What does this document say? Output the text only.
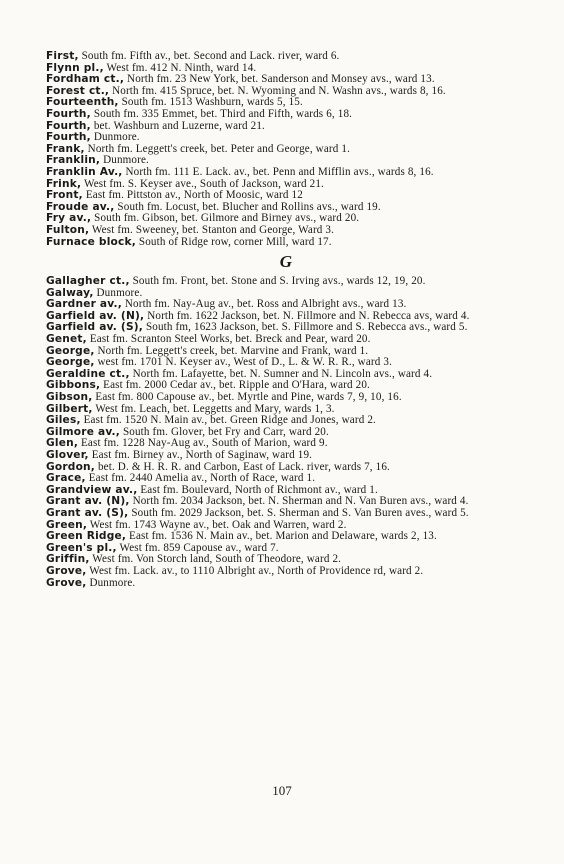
First, South fm. Fifth av., bet. Second and Lack. river, ward 6.

Flynn pl., West fm. 412 N. Ninth, ward 14.

Fordham ct., North fm. 23 New York, bet. Sanderson and Monsey avs., ward 13.

Forest ct., North fm. 415 Spruce, bet. N. Wyoming and N. Washn avs., wards 8, 16.

Fourteenth, South fm. 1513 Washburn, wards 5, 15.

Fourth, South fm. 335 Emmet, bet. Third and Fifth, wards 6, 18.

Fourth, bet. Washburn and Luzerne, ward 21.

Fourth, Dunmore.

Frank, North fm. Leggett's creek, bet. Peter and George, ward 1.

Franklin, Dunmore.

Franklin Av., North fm. 111 E. Lack. av., bet. Penn and Mifflin avs., wards 8, 16.

Frink, West fm. S. Keyser ave., South of Jackson, ward 21.

Front, East fm. Pittston av., North of Moosic, ward 12

Froude av., South fm. Locust, bet. Blucher and Rollins avs., ward 19.

Fry av., South fm. Gibson, bet. Gilmore and Birney avs., ward 20.

Fulton, West fm. Sweeney, bet. Stanton and George, Ward 3.

Furnace block, South of Ridge row, corner Mill, ward 17.

G

Gallagher ct., South fm. Front, bet. Stone and S. Irving avs., wards 12, 19, 20.

Galway, Dunmore.

Gardner av., North fm. Nay-Aug av., bet. Ross and Albright avs., ward 13.

Garfield av. (N), North fm. 1622 Jackson, bet. N. Fillmore and N. Rebecca avs, ward 4.

Garfield av. (S), South fm, 1623 Jackson, bet. S. Fillmore and S. Rebecca avs., ward 5.

Genet, East fm. Scranton Steel Works, bet. Breck and Pear, ward 20.

George, North fm. Leggett's creek, bet. Marvine and Frank, ward 1.

George, west fm. 1701 N. Keyser av., West of D., L. & W. R. R., ward 3.

Geraldine ct., North fm. Lafayette, bet. N. Sumner and N. Lincoln avs., ward 4.

Gibbons, East fm. 2000 Cedar av., bet. Ripple and O'Hara, ward 20.

Gibson, East fm. 800 Capouse av., bet. Myrtle and Pine, wards 7, 9, 10, 16.

Gilbert, West fm. Leach, bet. Leggetts and Mary, wards 1, 3.

Giles, East fm. 1520 N. Main av., bet. Green Ridge and Jones, ward 2.

Gilmore av., South fm. Glover, bet Fry and Carr, ward 20.

Glen, East fm. 1228 Nay-Aug av., South of Marion, ward 9.

Glover, East fm. Birney av., North of Saginaw, ward 19.

Gordon, bet. D. & H. R. R. and Carbon, East of Lack. river, wards 7, 16.

Grace, East fm. 2440 Amelia av., North of Race, ward 1.

Grandview av., East fm. Boulevard, North of Richmont av., ward 1.

Grant av. (N), North fm. 2034 Jackson, bet. N. Sherman and N. Van Buren avs., ward 4.

Grant av. (S), South fm. 2029 Jackson, bet. S. Sherman and S. Van Buren aves., ward 5.

Green, West fm. 1743 Wayne av., bet. Oak and Warren, ward 2.

Green Ridge, East fm. 1536 N. Main av., bet. Marion and Delaware, wards 2, 13.

Green's pl., West fm. 859 Capouse av., ward 7.

Griffin, West fm. Von Storch land, South of Theodore, ward 2.

Grove, West fm. Lack. av., to 1110 Albright av., North of Providence rd, ward 2.

Grove, Dunmore.

107
